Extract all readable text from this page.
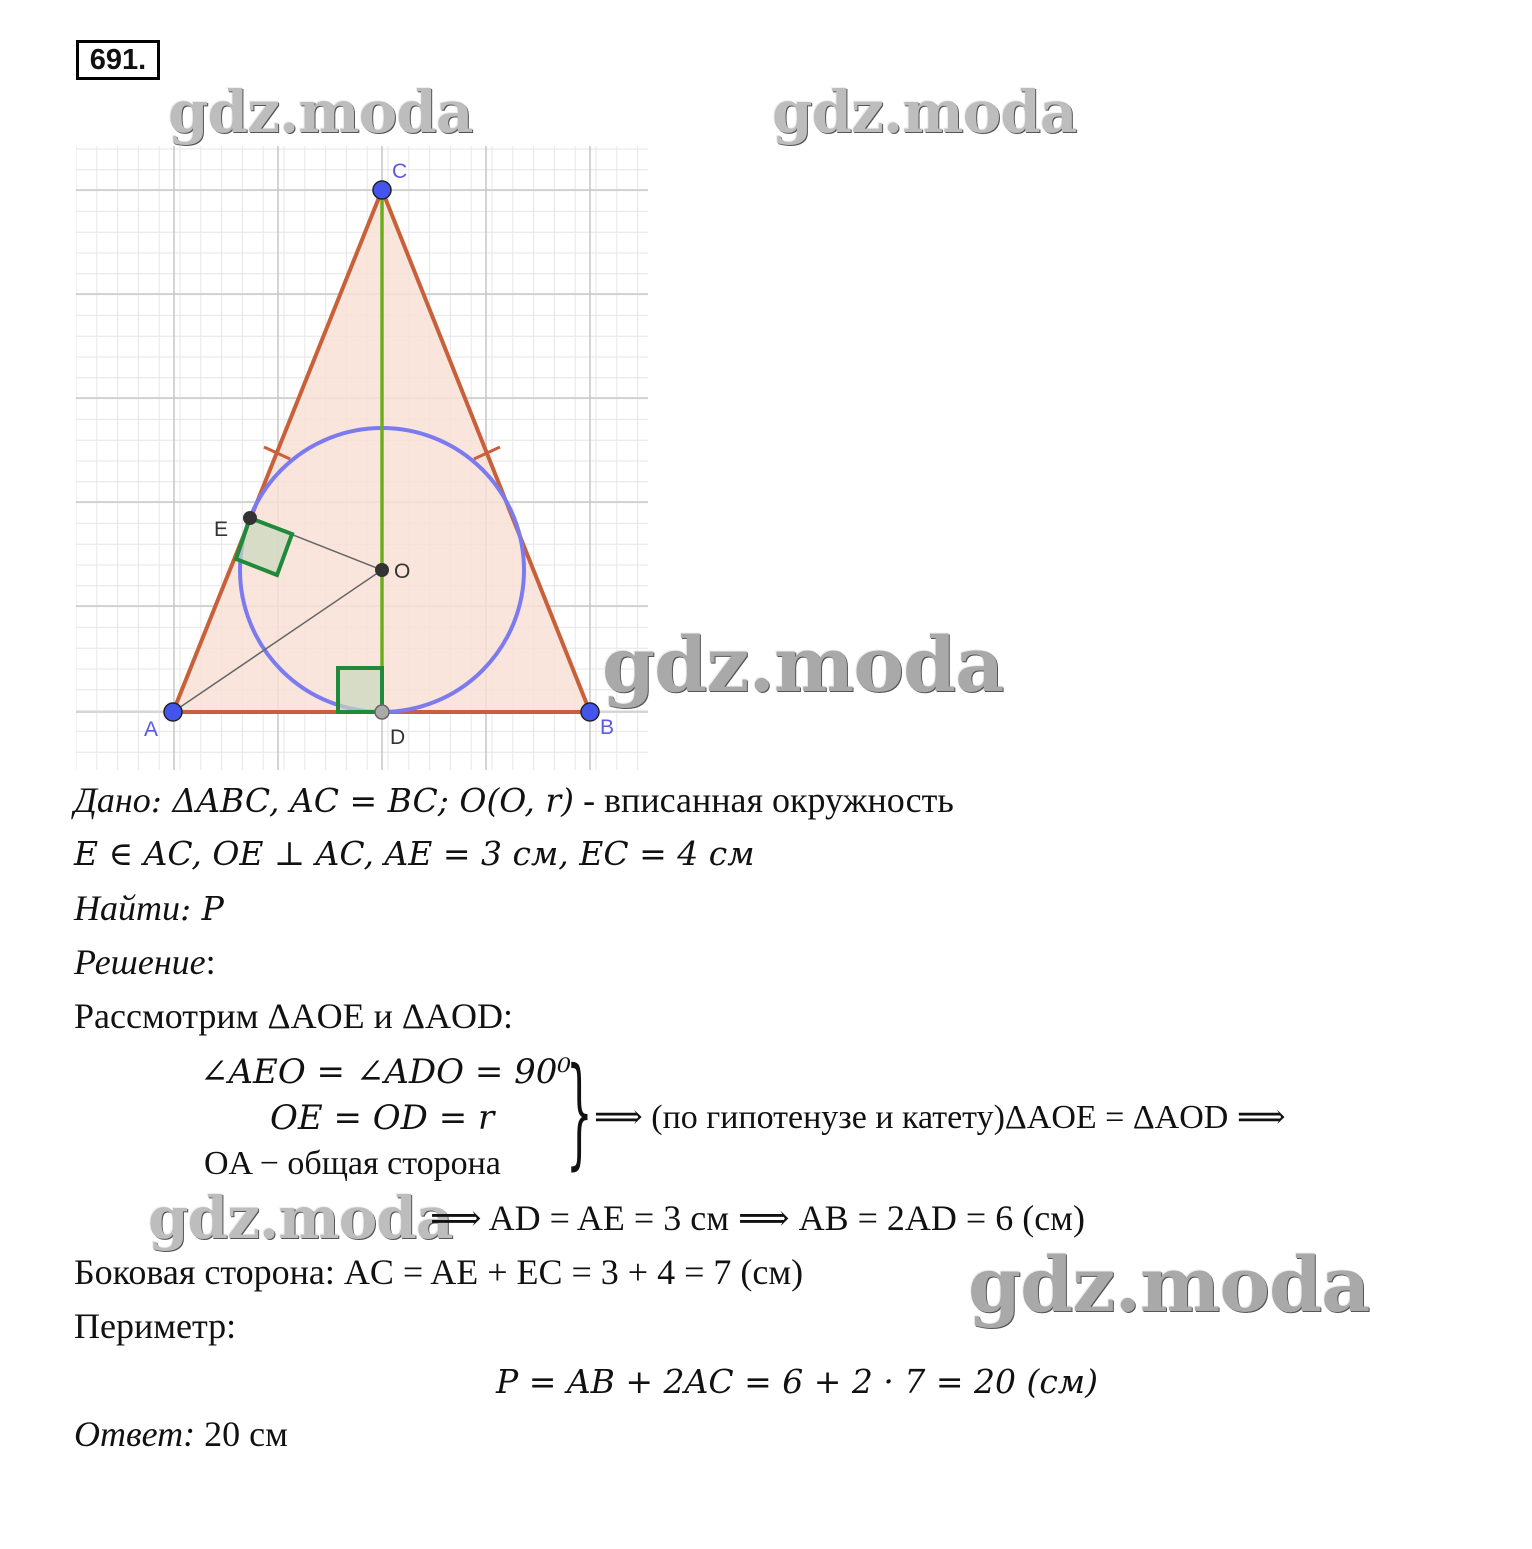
691.
gdz.moda	gdz.moda
C
A	B
E
O
D
gdz.moda
Дано: ΔABC, AC = BC; O(O, r) - вписанная окружность
E ∈ AC, OE ⊥ AC, AE = 3 см, EC = 4 см
Найти: P
Решение:
Рассмотрим ΔAOE и ΔAOD:
∠AEO = ∠ADO = 90⁰
OE = OD = r
OA − общая сторона } ⟹ (по гипотенузе и катету)ΔAOE = ΔAOD ⟹
gdz.moda
⟹ AD = AE = 3 см ⟹ AB = 2AD = 6 (см)
Боковая сторона: AC = AE + EC = 3 + 4 = 7 (см) gdz.moda
Периметр:
P = AB + 2AC = 6 + 2 · 7 = 20 (см)
Ответ: 20 см
